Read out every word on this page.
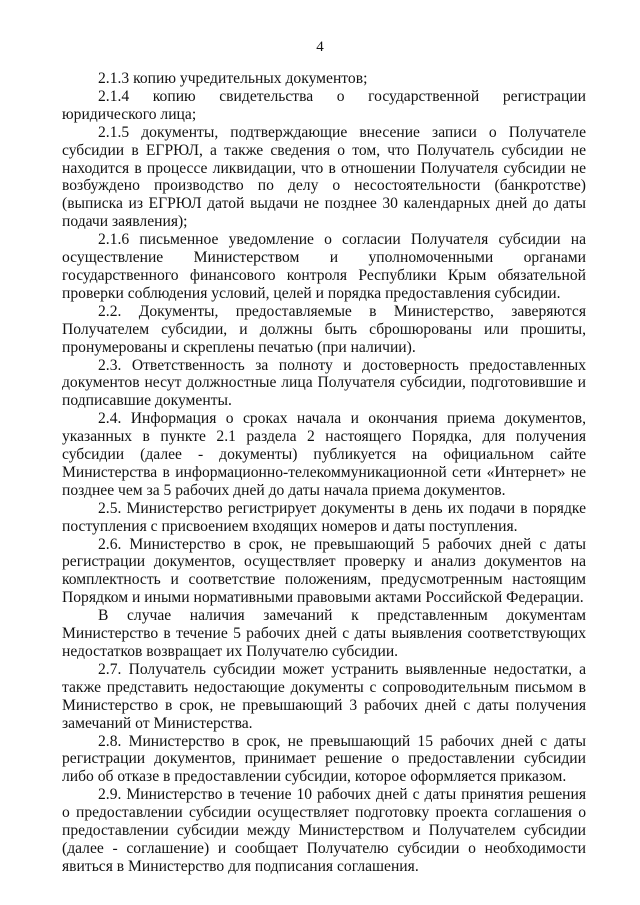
4

2.1.3 копию учредительных документов;

2.1.4 копию свидетельства о государственной регистрации юридического лица;

2.1.5 документы, подтверждающие внесение записи о Получателе субсидии в ЕГРЮЛ, а также сведения о том, что Получатель субсидии не находится в процессе ликвидации, что в отношении Получателя субсидии не возбуждено производство по делу о несостоятельности (банкротстве) (выписка из ЕГРЮЛ датой выдачи не позднее 30 календарных дней до даты подачи заявления);

2.1.6 письменное уведомление о согласии Получателя субсидии на осуществление Министерством и уполномоченными органами государственного финансового контроля Республики Крым обязательной проверки соблюдения условий, целей и порядка предоставления субсидии.

2.2. Документы, предоставляемые в Министерство, заверяются Получателем субсидии, и должны быть сброшюрованы или прошиты, пронумерованы и скреплены печатью (при наличии).

2.3. Ответственность за полноту и достоверность предоставленных документов несут должностные лица Получателя субсидии, подготовившие и подписавшие документы.

2.4. Информация о сроках начала и окончания приема документов, указанных в пункте 2.1 раздела 2 настоящего Порядка, для получения субсидии (далее - документы) публикуется на официальном сайте Министерства в информационно-телекоммуникационной сети «Интернет» не позднее чем за 5 рабочих дней до даты начала приема документов.

2.5. Министерство регистрирует документы в день их подачи в порядке поступления с присвоением входящих номеров и даты поступления.

2.6. Министерство в срок, не превышающий 5 рабочих дней с даты регистрации документов, осуществляет проверку и анализ документов на комплектность и соответствие положениям, предусмотренным настоящим Порядком и иными нормативными правовыми актами Российской Федерации.

В случае наличия замечаний к представленным документам Министерство в течение 5 рабочих дней с даты выявления соответствующих недостатков возвращает их Получателю субсидии.

2.7. Получатель субсидии может устранить выявленные недостатки, а также представить недостающие документы с сопроводительным письмом в Министерство в срок, не превышающий 3 рабочих дней с даты получения замечаний от Министерства.

2.8. Министерство в срок, не превышающий 15 рабочих дней с даты регистрации документов, принимает решение о предоставлении субсидии либо об отказе в предоставлении субсидии, которое оформляется приказом.

2.9. Министерство в течение 10 рабочих дней с даты принятия решения о предоставлении субсидии осуществляет подготовку проекта соглашения о предоставлении субсидии между Министерством и Получателем субсидии (далее - соглашение) и сообщает Получателю субсидии о необходимости явиться в Министерство для подписания соглашения.
